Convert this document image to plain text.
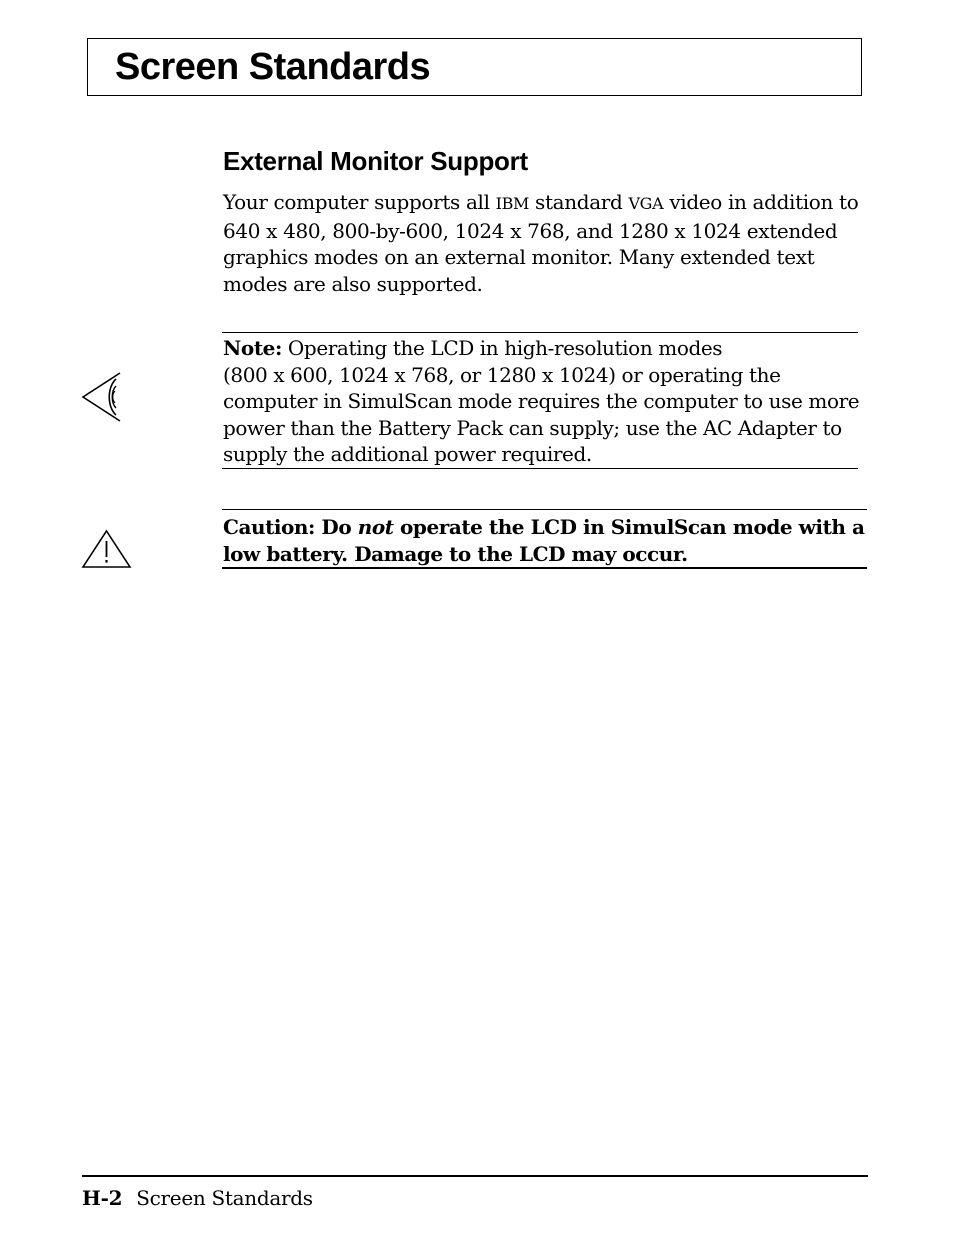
Screen Standards
External Monitor Support

Your computer supports all IBM standard VGA video in addition to 640 x 480, 800-by-600, 1024 x 768, and 1280 x 1024 extended graphics modes on an external monitor. Many extended text modes are also supported.

Note: Operating the LCD in high-resolution modes
(800 x 600, 1024 x 768, or 1280 x 1024) or operating the computer in SimulScan mode requires the computer to use more power than the Battery Pack can supply; use the AC Adapter to supply the additional power required.

Caution: Do not operate the LCD in SimulScan mode with a low battery. Damage to the LCD may occur.

H-2 Screen Standards
